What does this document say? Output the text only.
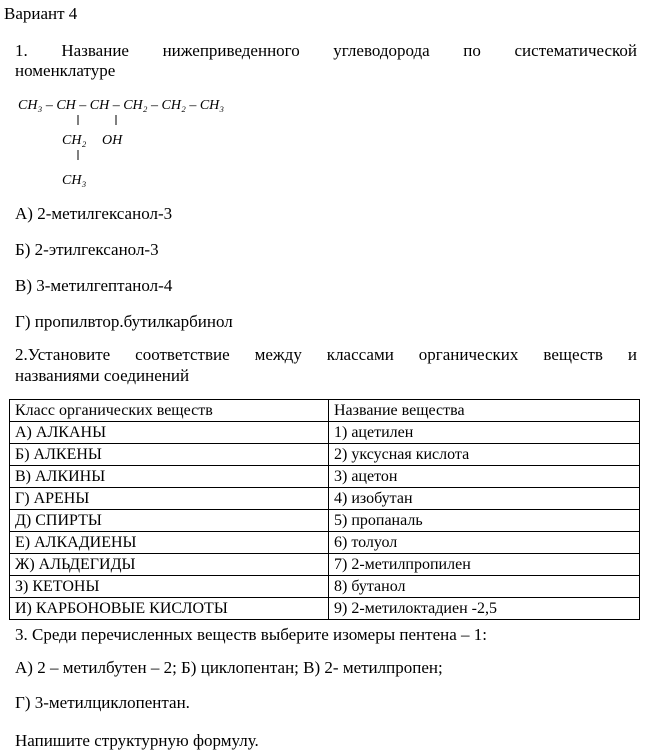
Вариант 4
1. Название нижеприведенного углеводорода по систематической
номенклатуре
CH₃ – CH – CH – CH₂ – CH₂ – CH₃
CH₂ OH
CH₃
А) 2-метилгексанол-3
Б) 2-этилгексанол-3
В) 3-метилгептанол-4
Г) пропилвтор.бутилкарбинол
2.Установите соответствие между классами органических веществ и
названиями соединений
Класс органических веществ	Название вещества
А) АЛКАНЫ	1) ацетилен
Б) АЛКЕНЫ	2) уксусная кислота
В) АЛКИНЫ	3) ацетон
Г) АРЕНЫ	4) изобутан
Д) СПИРТЫ	5) пропаналь
Е) АЛКАДИЕНЫ	6) толуол
Ж) АЛЬДЕГИДЫ	7) 2-метилпропилен
З) КЕТОНЫ	8) бутанол
И) КАРБОНОВЫЕ КИСЛОТЫ	9) 2-метилоктадиен -2,5
3. Среди перечисленных веществ выберите изомеры пентена – 1:
А) 2 – метилбутен – 2; Б) циклопентан; В) 2- метилпропен;
Г) 3-метилциклопентан.
Напишите структурную формулу.
